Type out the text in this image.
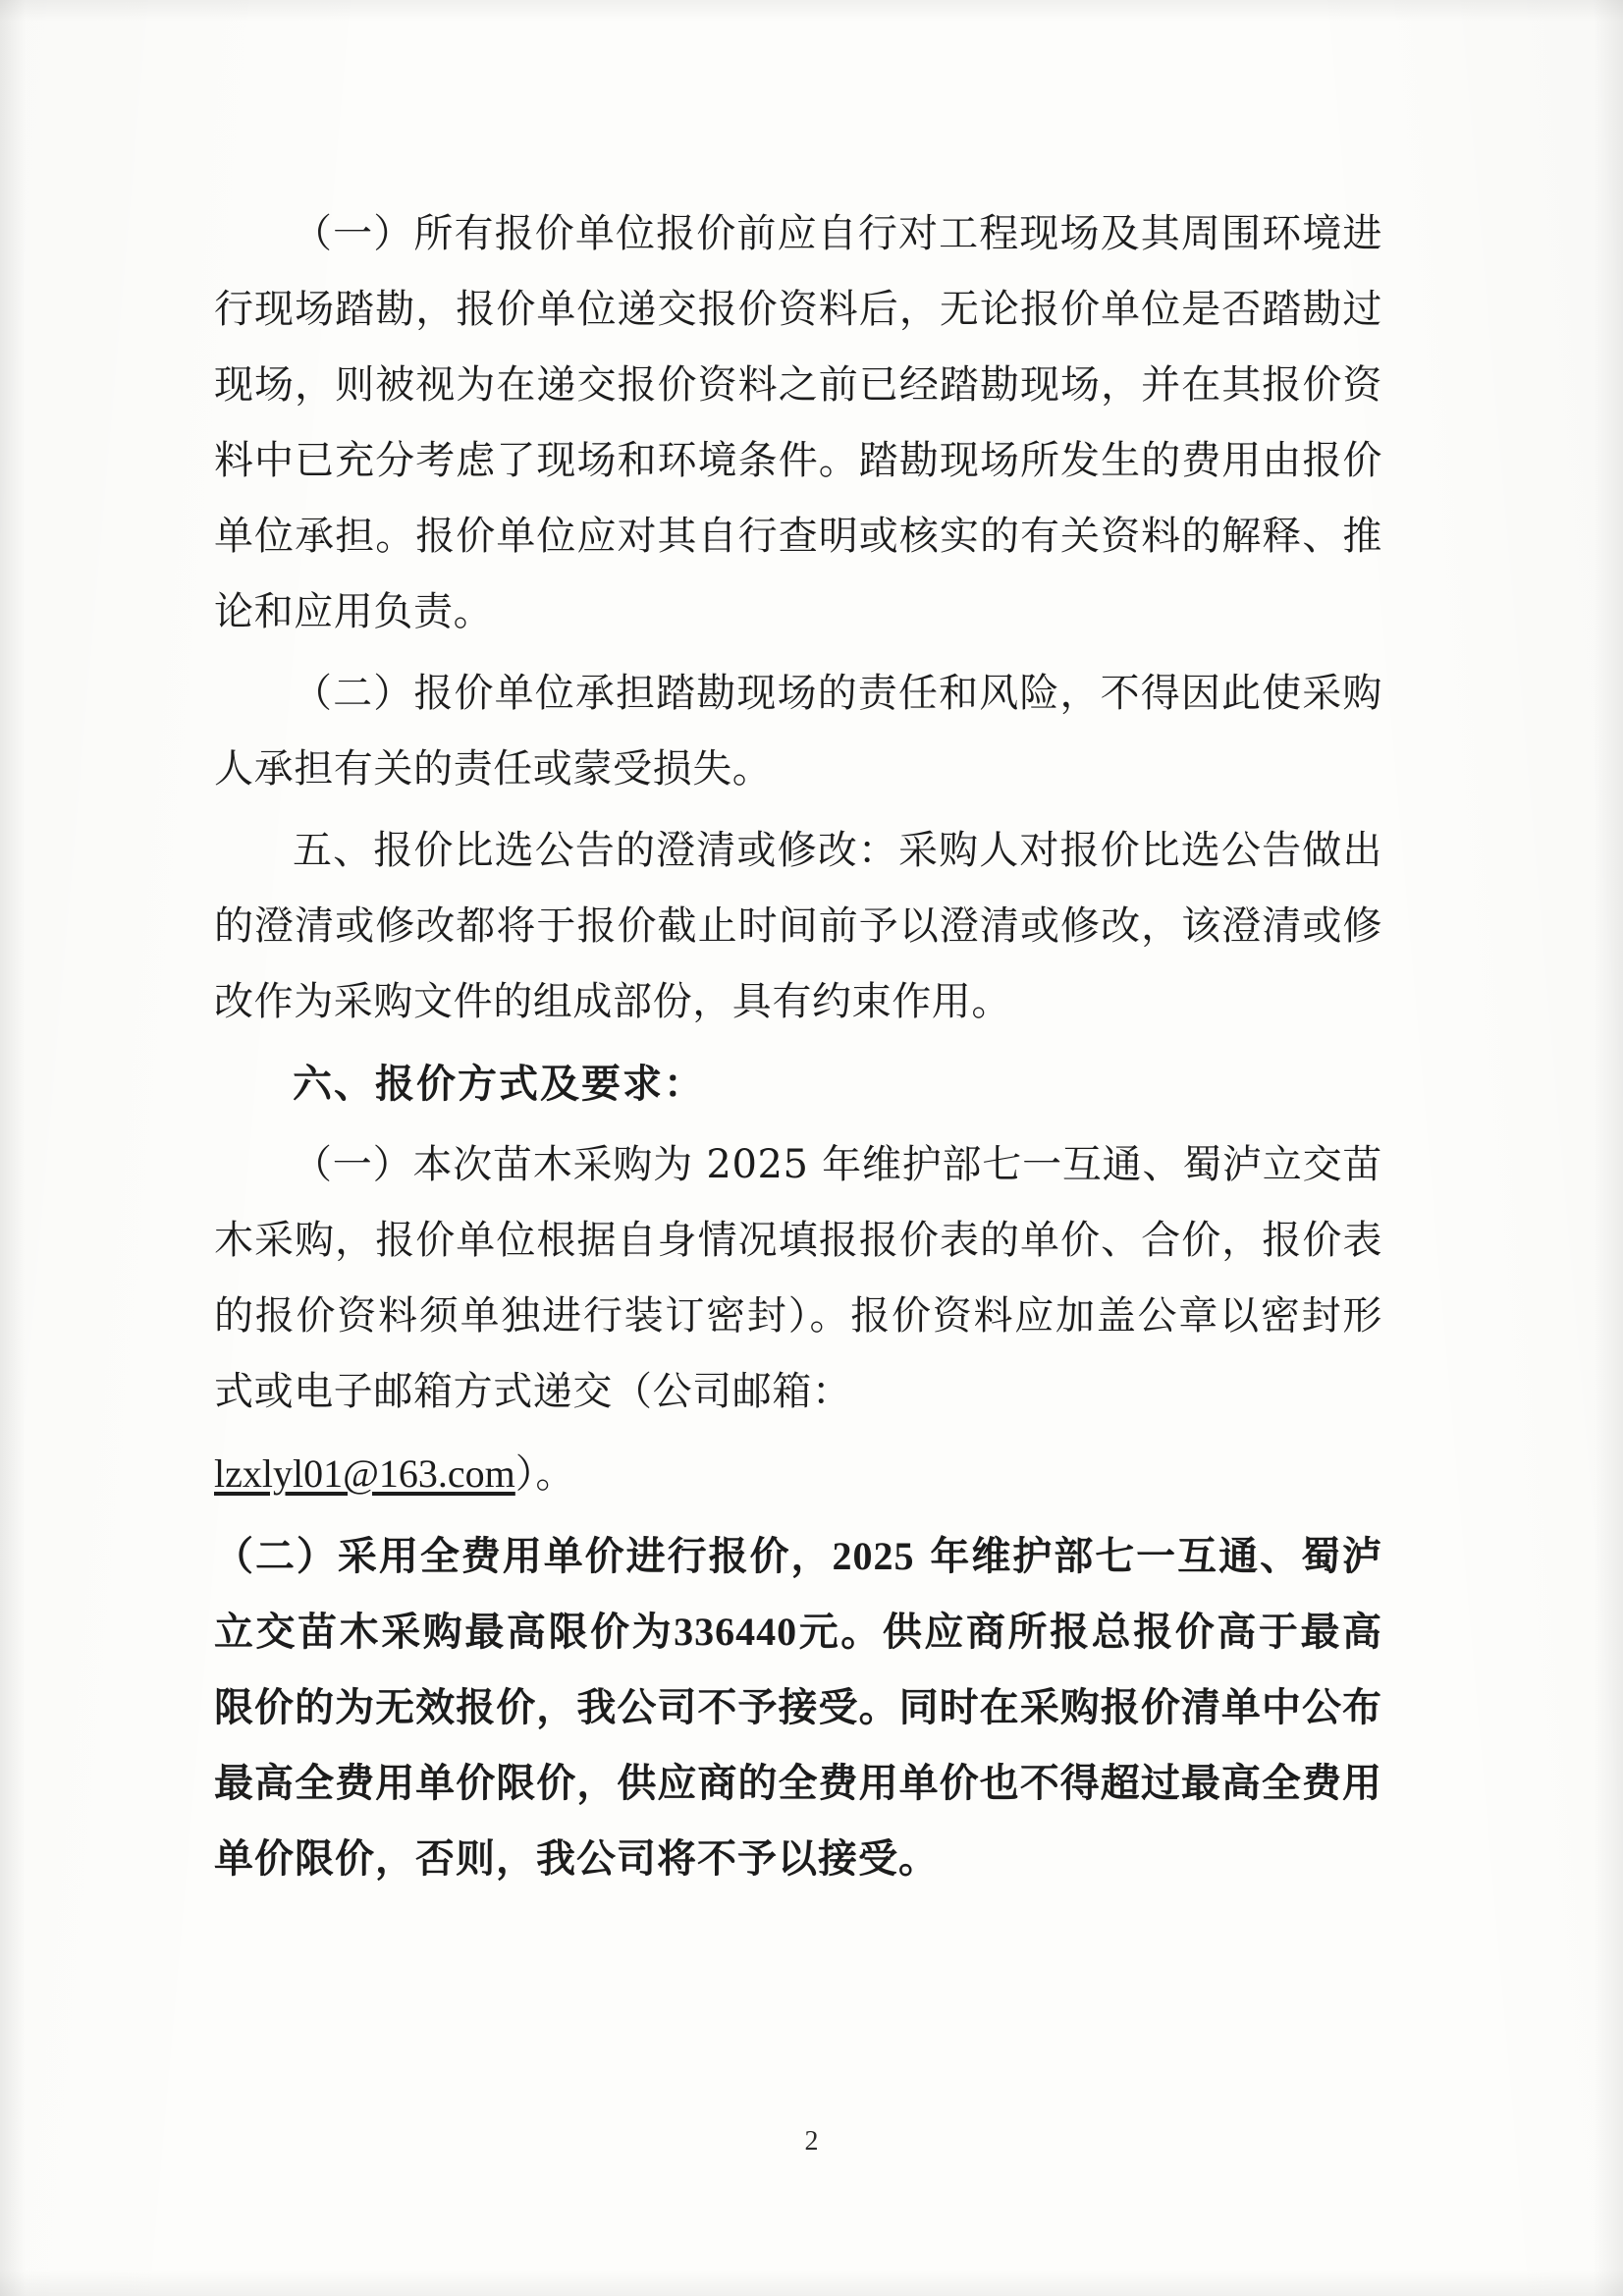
（一）所有报价单位报价前应自行对工程现场及其周围环境进行现场踏勘，报价单位递交报价资料后，无论报价单位是否踏勘过现场，则被视为在递交报价资料之前已经踏勘现场，并在其报价资料中已充分考虑了现场和环境条件。踏勘现场所发生的费用由报价单位承担。报价单位应对其自行查明或核实的有关资料的解释、推论和应用负责。

（二）报价单位承担踏勘现场的责任和风险，不得因此使采购人承担有关的责任或蒙受损失。

五、报价比选公告的澄清或修改：采购人对报价比选公告做出的澄清或修改都将于报价截止时间前予以澄清或修改，该澄清或修改作为采购文件的组成部份，具有约束作用。

六、报价方式及要求：

（一）本次苗木采购为 2025 年维护部七一互通、蜀泸立交苗木采购，报价单位根据自身情况填报报价表的单价、合价，报价表的报价资料须单独进行装订密封）。报价资料应加盖公章以密封形式或电子邮箱方式递交（公司邮箱：

lzxlyl01@163.com）。

（二）采用全费用单价进行报价，2025 年维护部七一互通、蜀泸立交苗木采购最高限价为336440元。供应商所报总报价高于最高限价的为无效报价，我公司不予接受。同时在采购报价清单中公布最高全费用单价限价，供应商的全费用单价也不得超过最高全费用单价限价，否则，我公司将不予以接受。

2
